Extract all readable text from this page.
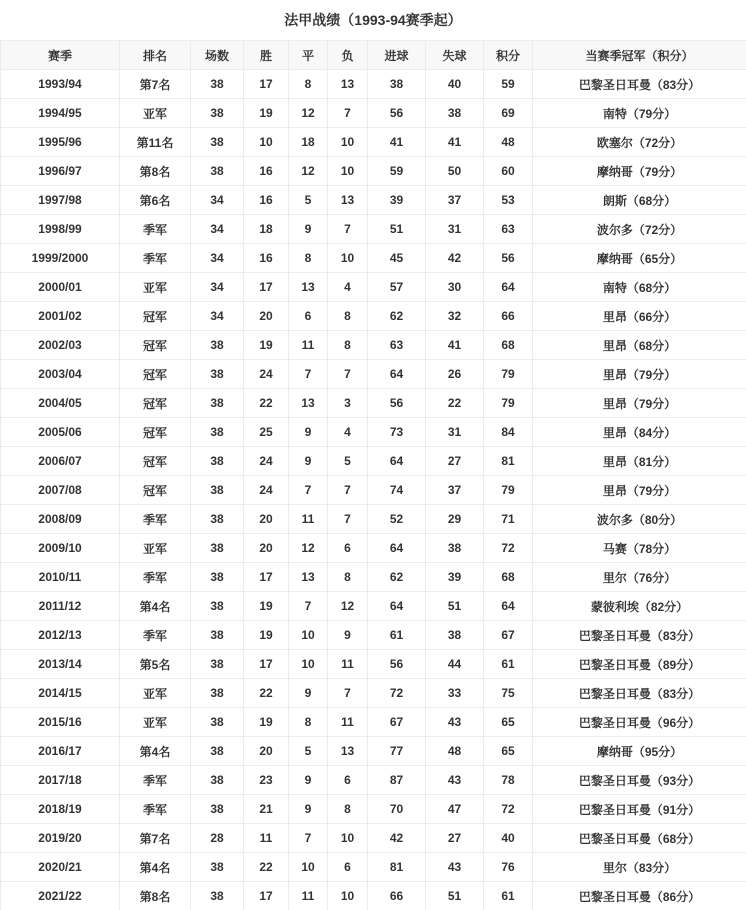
法甲战绩（1993-94赛季起）
赛季	排名	场数	胜	平	负	进球	失球	积分	当赛季冠军（积分）
1993/94	第7名	38	17	8	13	38	40	59	巴黎圣日耳曼（83分）
1994/95	亚军	38	19	12	7	56	38	69	南特（79分）
1995/96	第11名	38	10	18	10	41	41	48	欧塞尔（72分）
1996/97	第8名	38	16	12	10	59	50	60	摩纳哥（79分）
1997/98	第6名	34	16	5	13	39	37	53	朗斯（68分）
1998/99	季军	34	18	9	7	51	31	63	波尔多（72分）
1999/2000	季军	34	16	8	10	45	42	56	摩纳哥（65分）
2000/01	亚军	34	17	13	4	57	30	64	南特（68分）
2001/02	冠军	34	20	6	8	62	32	66	里昂（66分）
2002/03	冠军	38	19	11	8	63	41	68	里昂（68分）
2003/04	冠军	38	24	7	7	64	26	79	里昂（79分）
2004/05	冠军	38	22	13	3	56	22	79	里昂（79分）
2005/06	冠军	38	25	9	4	73	31	84	里昂（84分）
2006/07	冠军	38	24	9	5	64	27	81	里昂（81分）
2007/08	冠军	38	24	7	7	74	37	79	里昂（79分）
2008/09	季军	38	20	11	7	52	29	71	波尔多（80分）
2009/10	亚军	38	20	12	6	64	38	72	马赛（78分）
2010/11	季军	38	17	13	8	62	39	68	里尔（76分）
2011/12	第4名	38	19	7	12	64	51	64	蒙彼利埃（82分）
2012/13	季军	38	19	10	9	61	38	67	巴黎圣日耳曼（83分）
2013/14	第5名	38	17	10	11	56	44	61	巴黎圣日耳曼（89分）
2014/15	亚军	38	22	9	7	72	33	75	巴黎圣日耳曼（83分）
2015/16	亚军	38	19	8	11	67	43	65	巴黎圣日耳曼（96分）
2016/17	第4名	38	20	5	13	77	48	65	摩纳哥（95分）
2017/18	季军	38	23	9	6	87	43	78	巴黎圣日耳曼（93分）
2018/19	季军	38	21	9	8	70	47	72	巴黎圣日耳曼（91分）
2019/20	第7名	28	11	7	10	42	27	40	巴黎圣日耳曼（68分）
2020/21	第4名	38	22	10	6	81	43	76	里尔（83分）
2021/22	第8名	38	17	11	10	66	51	61	巴黎圣日耳曼（86分）
